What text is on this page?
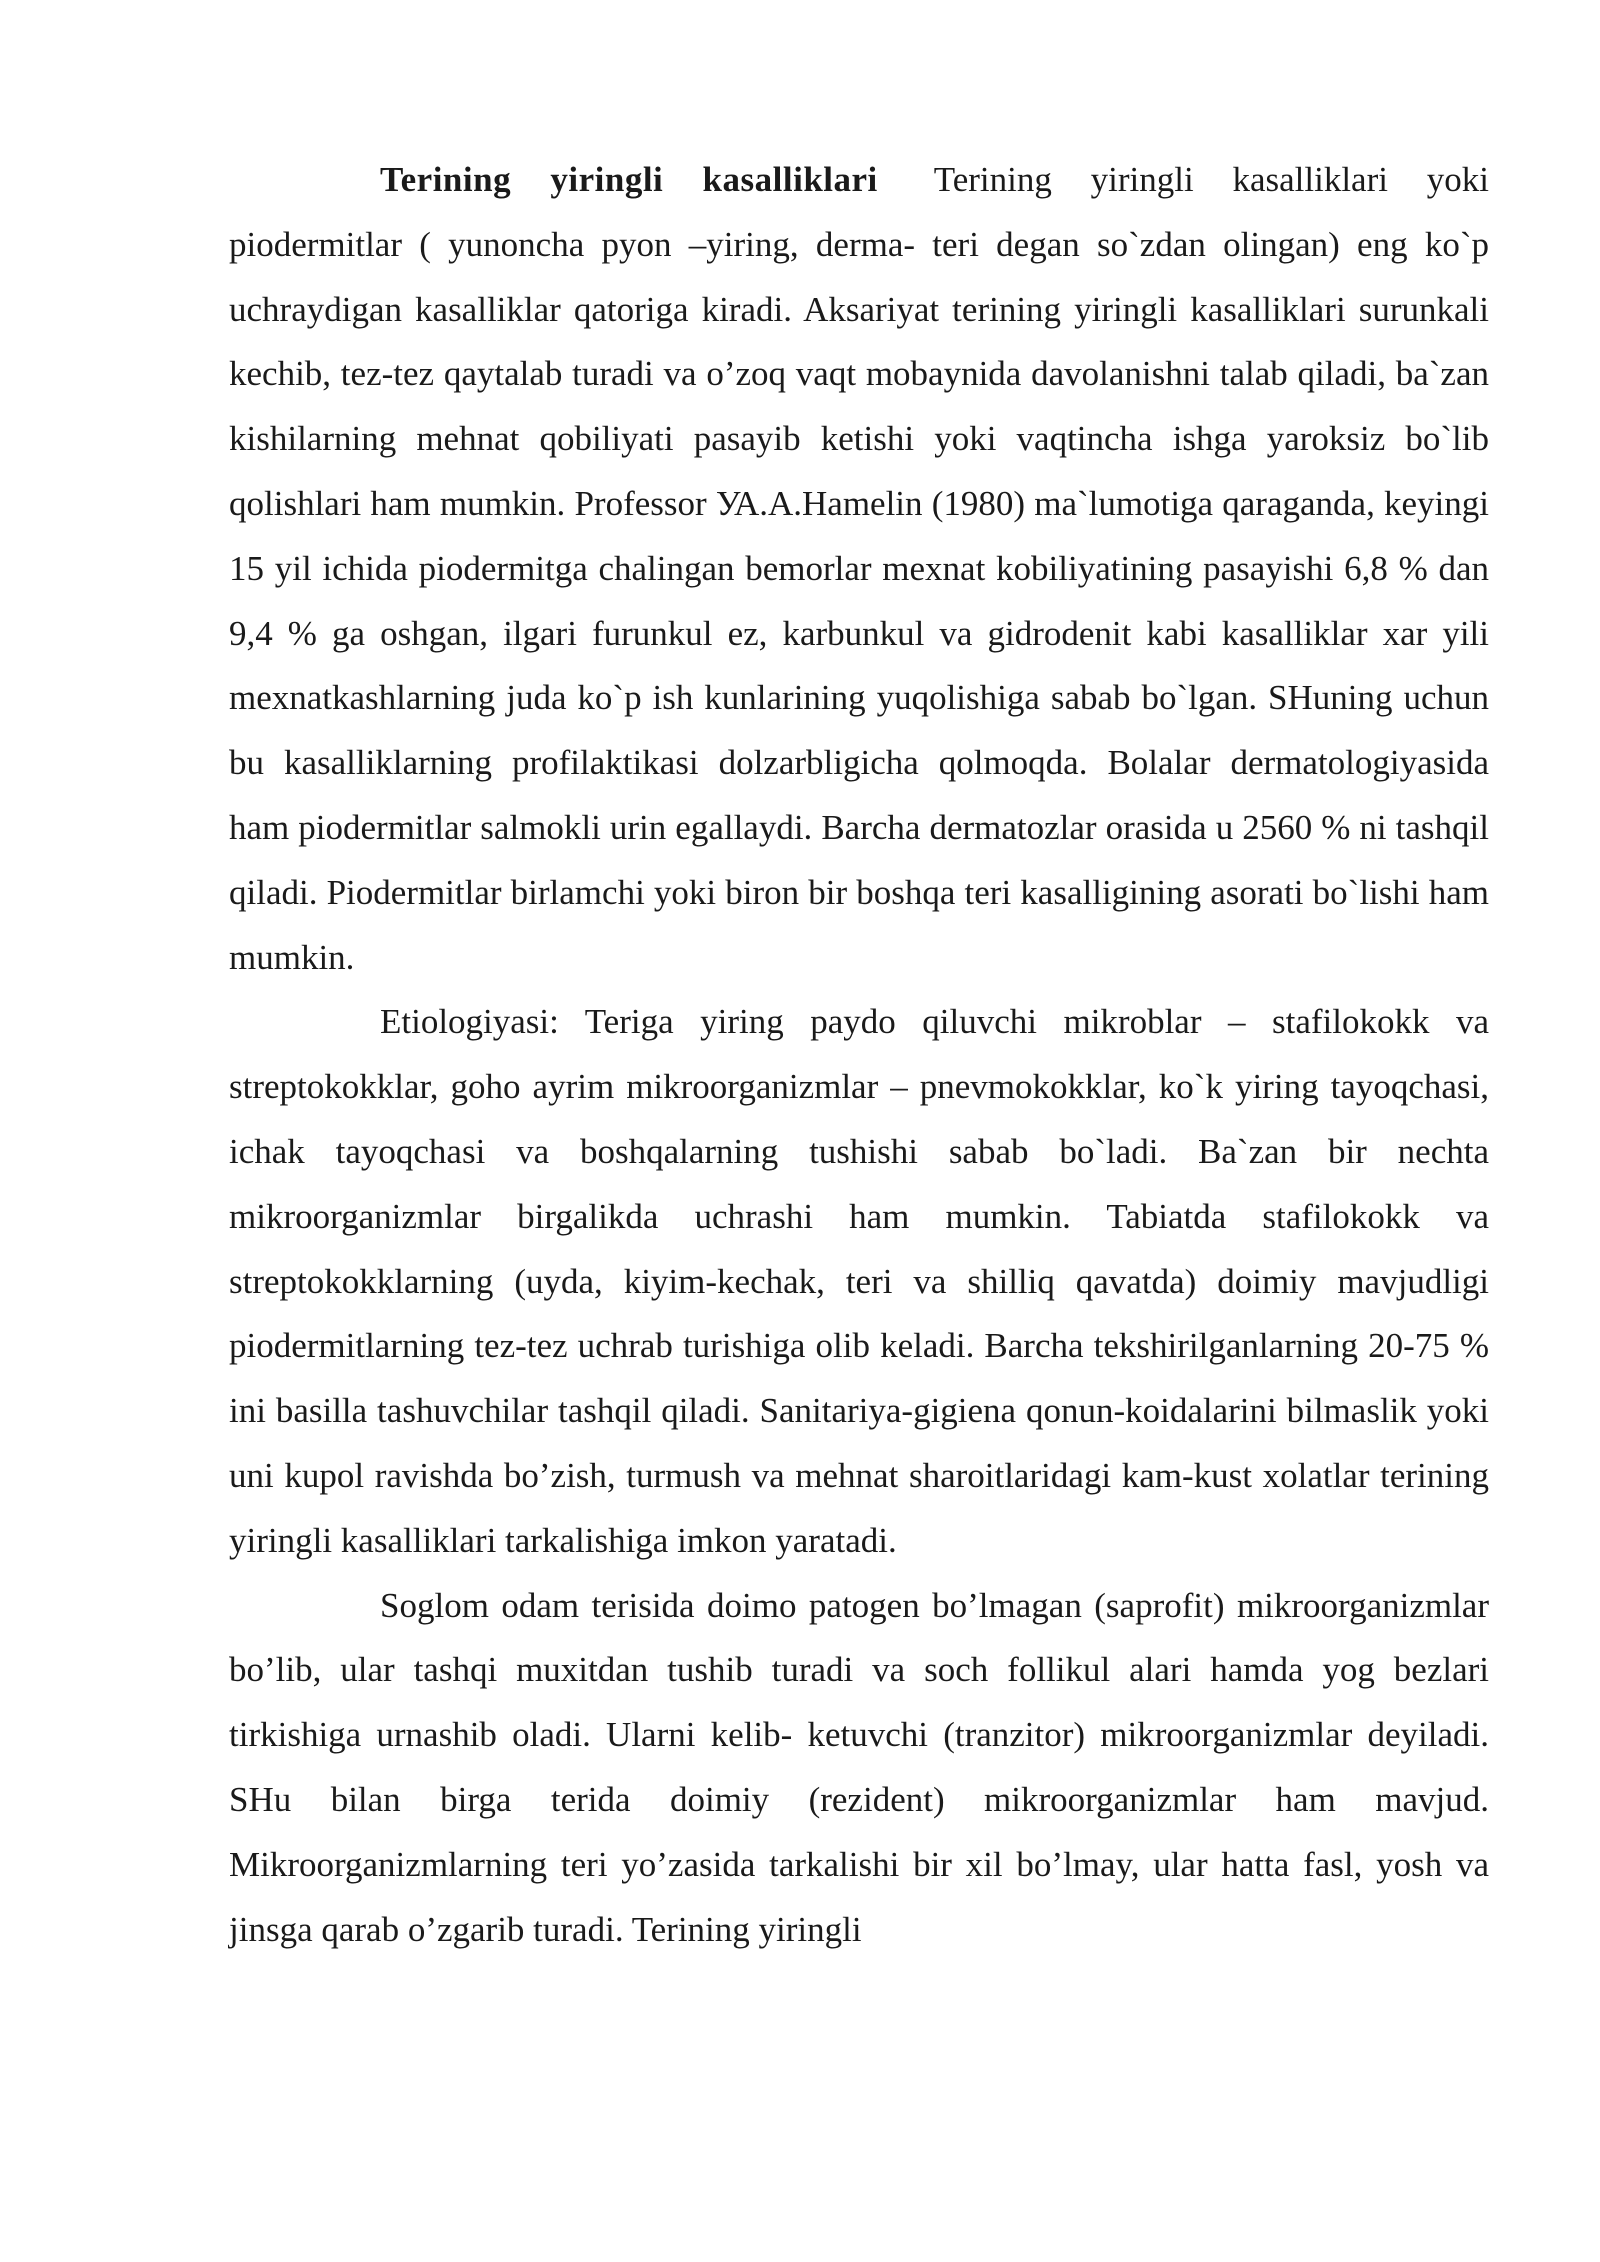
Terining yiringli kasalliklari Terining yiringli kasalliklari yoki piodermitlar ( yunoncha pyon –yiring, derma- teri degan so`zdan olingan) eng ko`p uchraydigan kasalliklar qatoriga kiradi. Aksariyat terining yiringli kasalliklari surunkali kechib, tez-tez qaytalab turadi va o’zoq vaqt mobaynida davolanishni talab qiladi, ba`zan kishilarning mehnat qobiliyati pasayib ketishi yoki vaqtincha ishga yaroksiz bo`lib qolishlari ham mumkin. Professor УА.А.Hamelin (1980) ma`lumotiga qaraganda, keyingi 15 yil ichida piodermitga chalingan bemorlar mexnat kobiliyatining pasayishi 6,8 % dan 9,4 % ga oshgan, ilgari furunkul ez, karbunkul va gidrodenit kabi kasalliklar xar yili mexnatkashlarning juda ko`p ish kunlarining yuqolishiga sabab bo`lgan. SHuning uchun bu kasalliklarning profilaktikasi dolzarbligicha qolmoqda. Bolalar dermatologiyasida ham piodermitlar salmokli urin egallaydi. Barcha dermatozlar orasida u 2560 % ni tashqil qiladi. Piodermitlar birlamchi yoki biron bir boshqa teri kasalligining asorati bo`lishi ham mumkin.

Etiologiyasi: Teriga yiring paydo qiluvchi mikroblar – stafilokokk va streptokokklar, goho ayrim mikroorganizmlar – pnevmokokklar, ko`k yiring tayoqchasi, ichak tayoqchasi va boshqalarning tushishi sabab bo`ladi. Ba`zan bir nechta mikroorganizmlar birgalikda uchrashi ham mumkin. Tabiatda stafilokokk va streptokokklarning (uyda, kiyim-kechak, teri va shilliq qavatda) doimiy mavjudligi piodermitlarning tez-tez uchrab turishiga olib keladi. Barcha tekshirilganlarning 20-75 % ini basilla tashuvchilar tashqil qiladi. Sanitariya-gigiena qonun-koidalarini bilmaslik yoki uni kupol ravishda bo’zish, turmush va mehnat sharoitlaridagi kam-kust xolatlar terining yiringli kasalliklari tarkalishiga imkon yaratadi.

Soglom odam terisida doimo patogen bo’lmagan (saprofit) mikroorganizmlar bo’lib, ular tashqi muxitdan tushib turadi va soch follikul alari hamda yog bezlari tirkishiga urnashib oladi. Ularni kelib- ketuvchi (tranzitor) mikroorganizmlar deyiladi. SHu bilan birga terida doimiy (rezident) mikroorganizmlar ham mavjud. Mikroorganizmlarning teri yo’zasida tarkalishi bir xil bo’lmay, ular hatta fasl, yosh va jinsga qarab o’zgarib turadi. Terining yiringli
